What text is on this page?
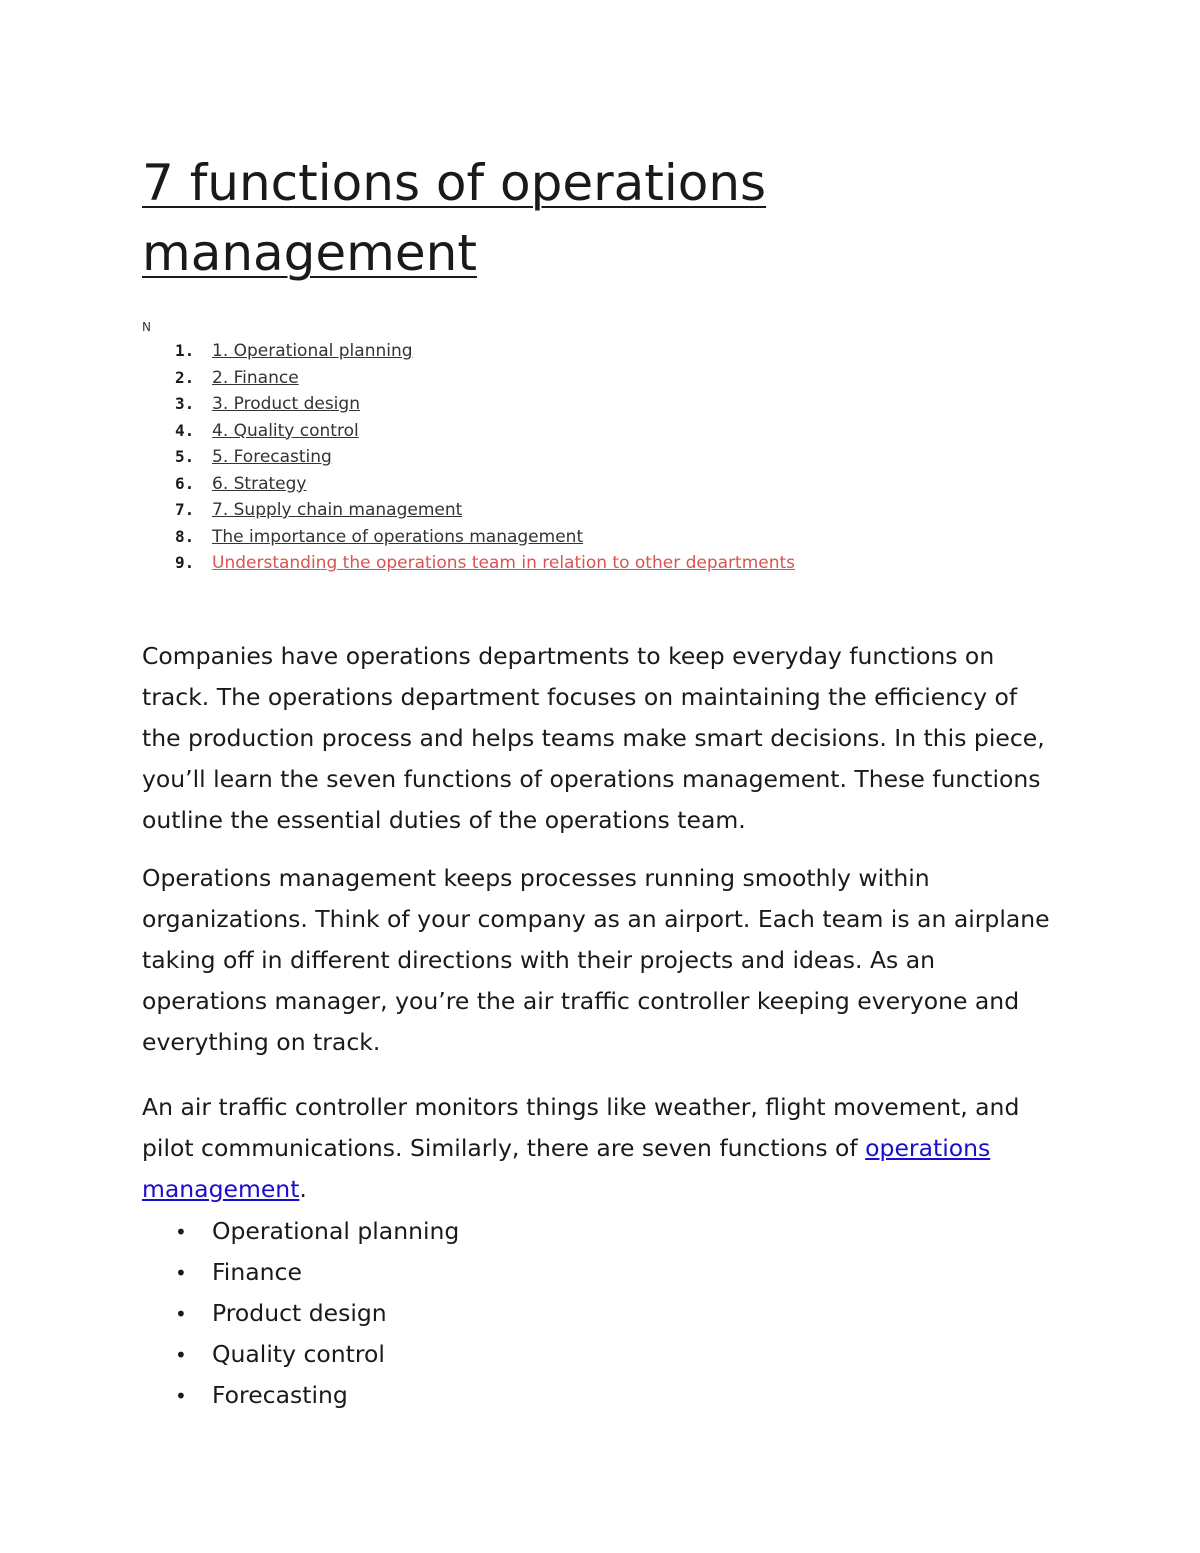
7 functions of operations
management
N
1. 1. Operational planning
2. 2. Finance
3. 3. Product design
4. 4. Quality control
5. 5. Forecasting
6. 6. Strategy
7. 7. Supply chain management
8. The importance of operations management
9. Understanding the operations team in relation to other departments

Companies have operations departments to keep everyday functions on
track. The operations department focuses on maintaining the efficiency of
the production process and helps teams make smart decisions. In this piece,
you’ll learn the seven functions of operations management. These functions
outline the essential duties of the operations team.

Operations management keeps processes running smoothly within
organizations. Think of your company as an airport. Each team is an airplane
taking off in different directions with their projects and ideas. As an
operations manager, you’re the air traffic controller keeping everyone and
everything on track.

An air traffic controller monitors things like weather, flight movement, and
pilot communications. Similarly, there are seven functions of operations
management.

• Operational planning
• Finance
• Product design
• Quality control
• Forecasting
